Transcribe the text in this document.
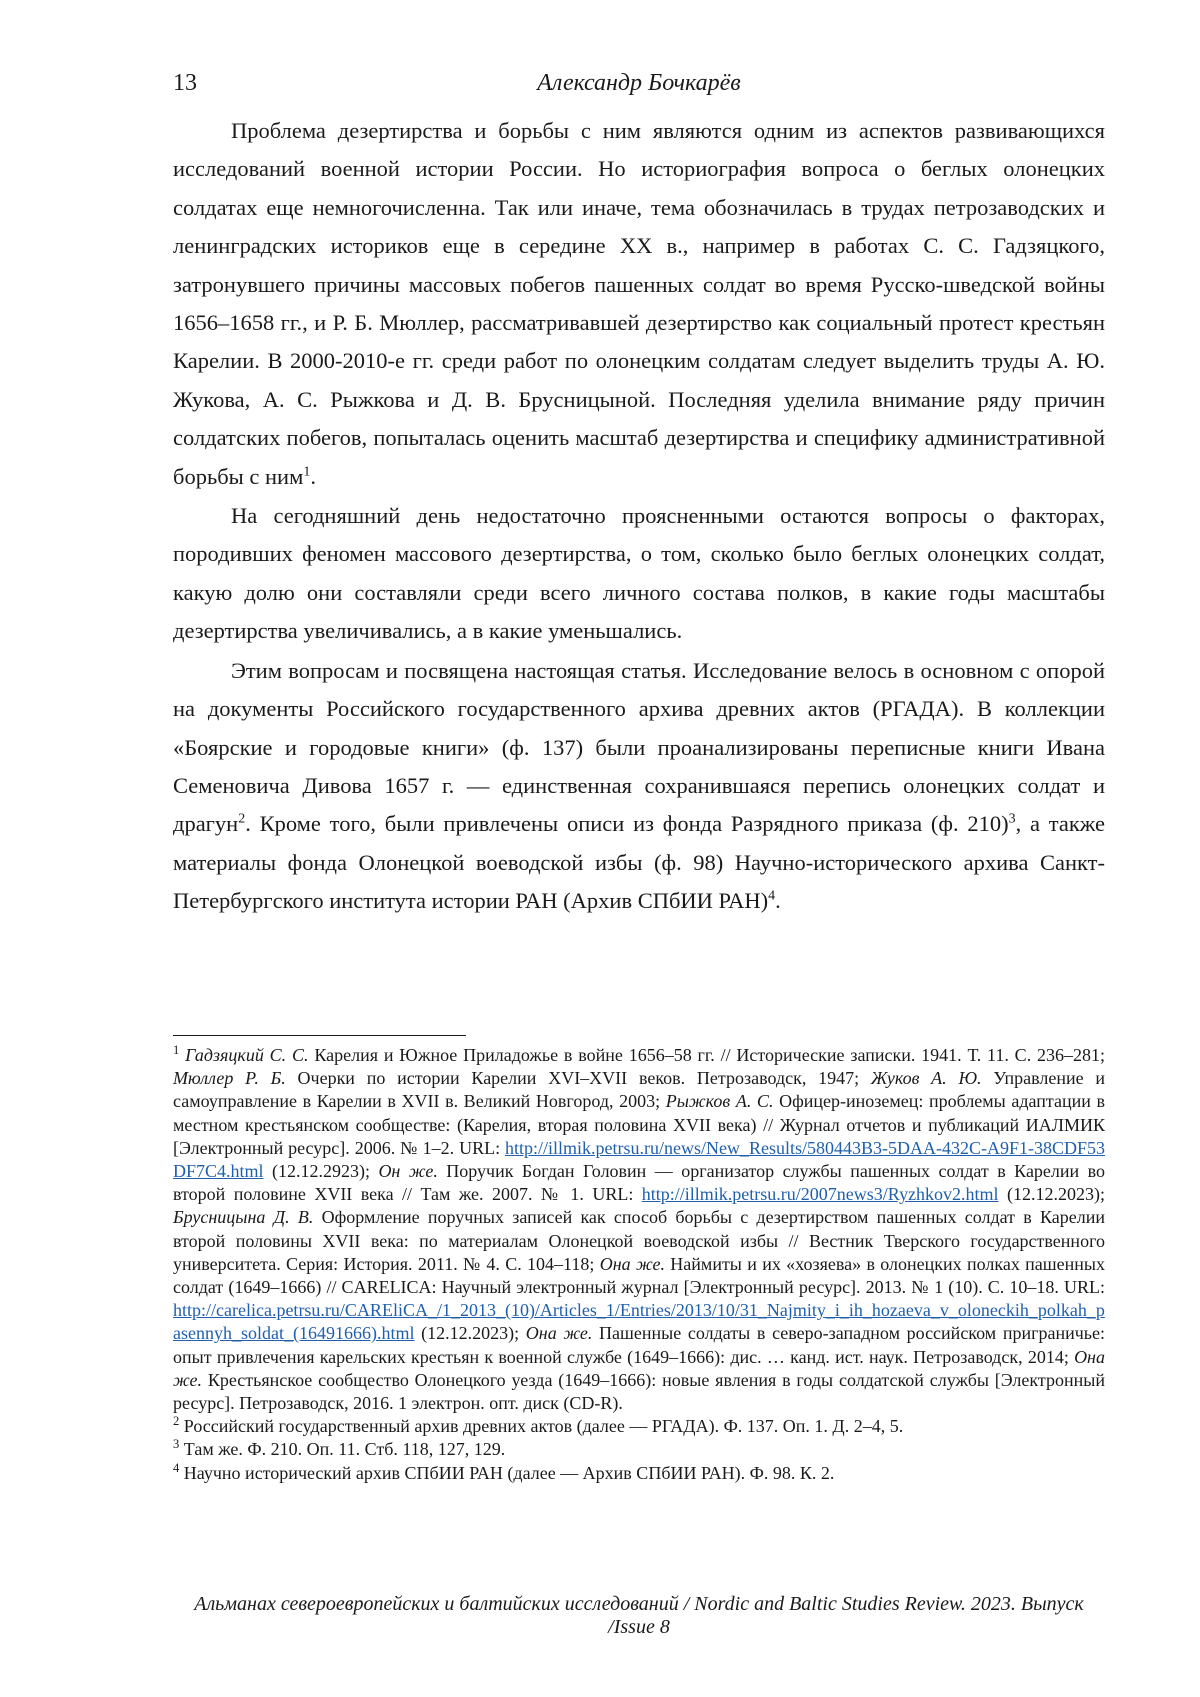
13	Александр Бочкарёв

Проблема дезертирства и борьбы с ним являются одним из аспектов развивающихся исследований военной истории России. Но историография вопроса о беглых олонецких солдатах еще немногочисленна. Так или иначе, тема обозначилась в трудах петрозаводских и ленинградских историков еще в середине XX в., например в работах С. С. Гадзяцкого, затронувшего причины массовых побегов пашенных солдат во время Русско-шведской войны 1656–1658 гг., и Р. Б. Мюллер, рассматривавшей дезертирство как социальный протест крестьян Карелии. В 2000-2010-е гг. среди работ по олонецким солдатам следует выделить труды А. Ю. Жукова, А. С. Рыжкова и Д. В. Брусницыной. Последняя уделила внимание ряду причин солдатских побегов, попыталась оценить масштаб дезертирства и специфику административной борьбы с ним$^1$.

На сегодняшний день недостаточно проясненными остаются вопросы о факторах, породивших феномен массового дезертирства, о том, сколько было беглых олонецких солдат, какую долю они составляли среди всего личного состава полков, в какие годы масштабы дезертирства увеличивались, а в какие уменьшались.

Этим вопросам и посвящена настоящая статья. Исследование велось в основном с опорой на документы Российского государственного архива древних актов (РГАДА). В коллекции «Боярские и городовые книги» (ф. 137) были проанализированы переписные книги Ивана Семеновича Дивова 1657 г. — единственная сохранившаяся перепись олонецких солдат и драгун$^2$. Кроме того, были привлечены описи из фонда Разрядного приказа (ф. 210)$^3$, а также материалы фонда Олонецкой воеводской избы (ф. 98) Научно-исторического архива Санкт-Петербургского института истории РАН (Архив СПбИИ РАН)$^4$.

$^1$ Гадзяцкий С. С. Карелия и Южное Приладожье в войне 1656–58 гг. // Исторические записки. 1941. Т. 11. С. 236–281; Мюллер Р. Б. Очерки по истории Карелии XVI–XVII веков. Петрозаводск, 1947; Жуков А. Ю. Управление и самоуправление в Карелии в XVII в. Великий Новгород, 2003; Рыжков А. С. Офицер-иноземец: проблемы адаптации в местном крестьянском сообществе: (Карелия, вторая половина XVII века) // Журнал отчетов и публикаций ИАЛМИК [Электронный ресурс]. 2006. № 1–2. URL: http://illmik.petrsu.ru/news/New_Results/580443B3-5DAA-432C-A9F1-38CDF53DF7C4.html (12.12.2923); Он же. Поручик Богдан Головин — организатор службы пашенных солдат в Карелии во второй половине XVII века // Там же. 2007. № 1. URL: http://illmik.petrsu.ru/2007news3/Ryzhkov2.html (12.12.2023); Брусницына Д. В. Оформление поручных записей как способ борьбы с дезертирством пашенных солдат в Карелии второй половины XVII века: по материалам Олонецкой воеводской избы // Вестник Тверского государственного университета. Серия: История. 2011. № 4. С. 104–118; Она же. Наймиты и их «хозяева» в олонецких полках пашенных солдат (1649–1666) // CARELICA: Научный электронный журнал [Электронный ресурс]. 2013. № 1 (10). С. 10–18. URL: http://carelica.petrsu.ru/CAREliCA_/1_2013_(10)/Articles_1/Entries/2013/10/31_Najmity_i_ih_hozaeva_v_oloneckih_polkah_pasennyh_soldat_(16491666).html (12.12.2023); Она же. Пашенные солдаты в северо-западном российском приграничье: опыт привлечения карельских крестьян к военной службе (1649–1666): дис. … канд. ист. наук. Петрозаводск, 2014; Она же. Крестьянское сообщество Олонецкого уезда (1649–1666): новые явления в годы солдатской службы [Электронный ресурс]. Петрозаводск, 2016. 1 электрон. опт. диск (CD-R).

$^2$ Российский государственный архив древних актов (далее — РГАДА). Ф. 137. Оп. 1. Д. 2–4, 5.

$^3$ Там же. Ф. 210. Оп. 11. Стб. 118, 127, 129.

$^4$ Научно исторический архив СПбИИ РАН (далее — Архив СПбИИ РАН). Ф. 98. К. 2.

Альманах североевропейских и балтийских исследований / Nordic and Baltic Studies Review. 2023. Выпуск /Issue 8
